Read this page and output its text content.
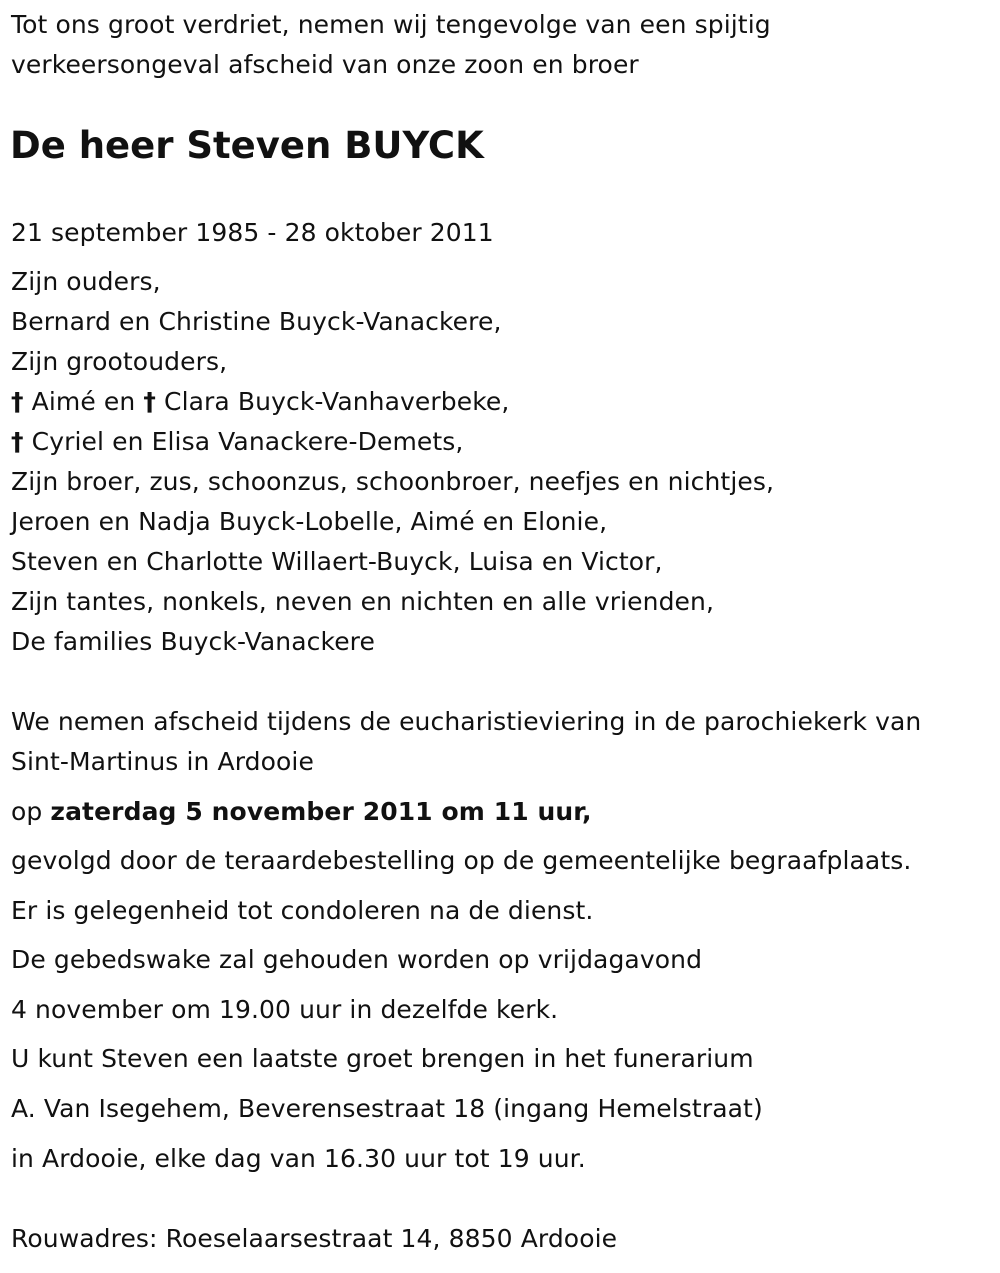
Tot ons groot verdriet, nemen wij tengevolge van een spijtig
verkeersongeval afscheid van onze zoon en broer
De heer Steven BUYCK
21 september 1985 - 28 oktober 2011
Zijn ouders,
Bernard en Christine Buyck-Vanackere,
Zijn grootouders,
† Aimé en † Clara Buyck-Vanhaverbeke,
† Cyriel en Elisa Vanackere-Demets,
Zijn broer, zus, schoonzus, schoonbroer, neefjes en nichtjes,
Jeroen en Nadja Buyck-Lobelle, Aimé en Elonie,
Steven en Charlotte Willaert-Buyck, Luisa en Victor,
Zijn tantes, nonkels, neven en nichten en alle vrienden,
De families Buyck-Vanackere
We nemen afscheid tijdens de eucharistieviering in de parochiekerk van
Sint-Martinus in Ardooie
op zaterdag 5 november 2011 om 11 uur,
gevolgd door de teraardebestelling op de gemeentelijke begraafplaats.
Er is gelegenheid tot condoleren na de dienst.
De gebedswake zal gehouden worden op vrijdagavond
4 november om 19.00 uur in dezelfde kerk.
U kunt Steven een laatste groet brengen in het funerarium
A. Van Isegehem, Beverensestraat 18 (ingang Hemelstraat)
in Ardooie, elke dag van 16.30 uur tot 19 uur.
Rouwadres: Roeselaarsestraat 14, 8850 Ardooie
